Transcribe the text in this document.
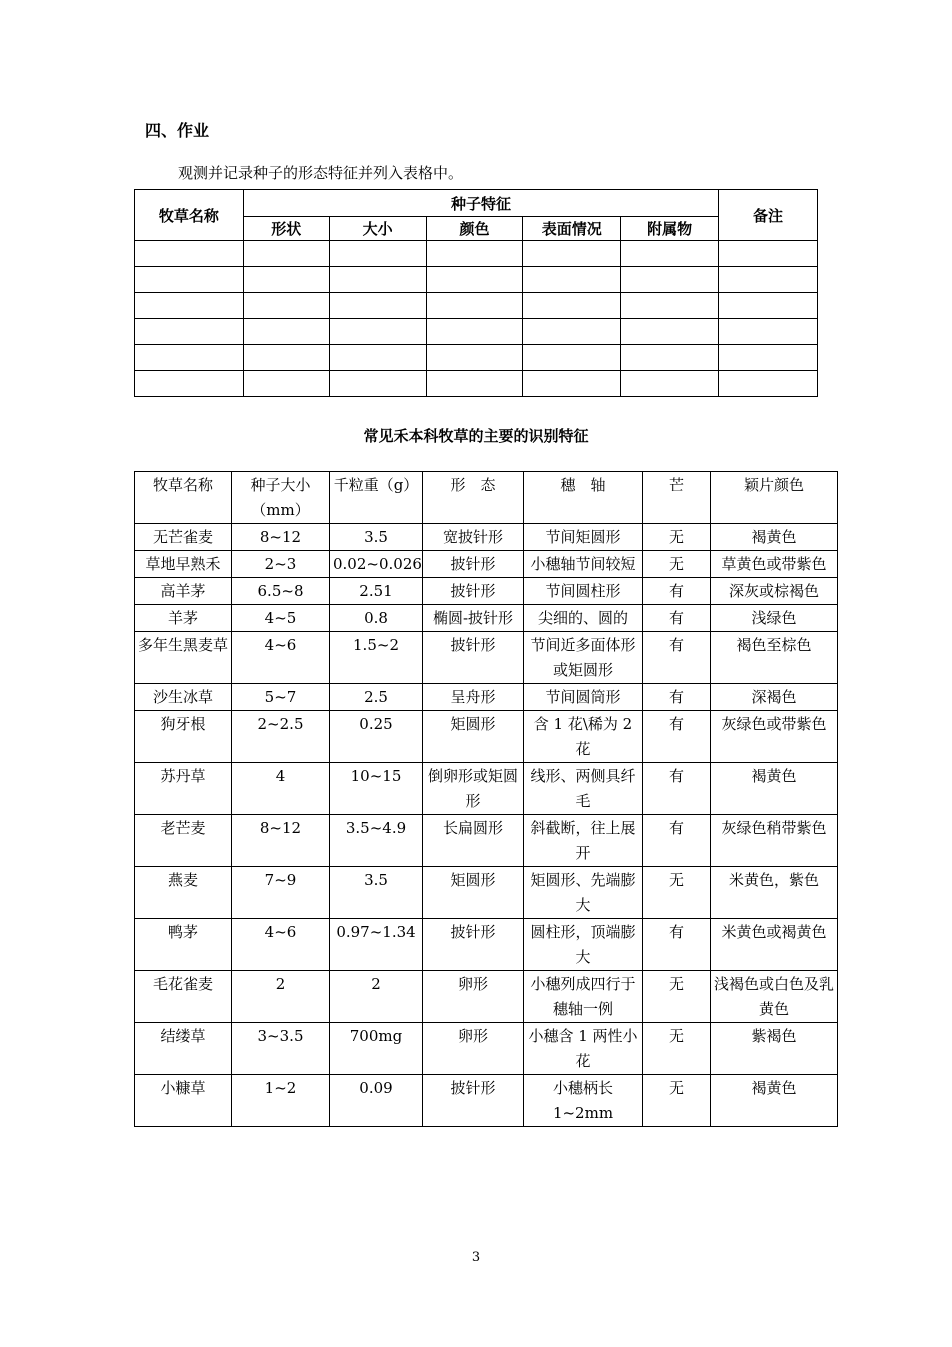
四、作业
观测并记录种子的形态特征并列入表格中。
牧草名称	种子特征					备注
	形状	大小	颜色	表面情况	附属物	

常见禾本科牧草的主要的识别特征
牧草名称	种子大小（mm）	千粒重（g）	形　态	穗　轴	芒	颖片颜色
无芒雀麦	8~12	3.5	宽披针形	节间矩圆形	无	褐黄色
草地早熟禾	2~3	0.02~0.026	披针形	小穗轴节间较短	无	草黄色或带紫色
高羊茅	6.5~8	2.51	披针形	节间圆柱形	有	深灰或棕褐色
羊茅	4~5	0.8	椭圆-披针形	尖细的、圆的	有	浅绿色
多年生黑麦草	4~6	1.5~2	披针形	节间近多面体形或矩圆形	有	褐色至棕色
沙生冰草	5~7	2.5	呈舟形	节间圆筒形	有	深褐色
狗牙根	2~2.5	0.25	矩圆形	含 1 花\稀为 2 花	有	灰绿色或带紫色
苏丹草	4	10~15	倒卵形或矩圆形	线形、两侧具纤毛	有	褐黄色
老芒麦	8~12	3.5~4.9	长扁圆形	斜截断，往上展开	有	灰绿色稍带紫色
燕麦	7~9	3.5	矩圆形	矩圆形、先端膨大	无	米黄色，紫色
鸭茅	4~6	0.97~1.34	披针形	圆柱形，顶端膨大	有	米黄色或褐黄色
毛花雀麦	2	2	卵形	小穗列成四行于穗轴一例	无	浅褐色或白色及乳黄色
结缕草	3~3.5	700mg	卵形	小穗含 1 两性小花	无	紫褐色
小糠草	1~2	0.09	披针形	小穗柄长 1~2mm	无	褐黄色
3
